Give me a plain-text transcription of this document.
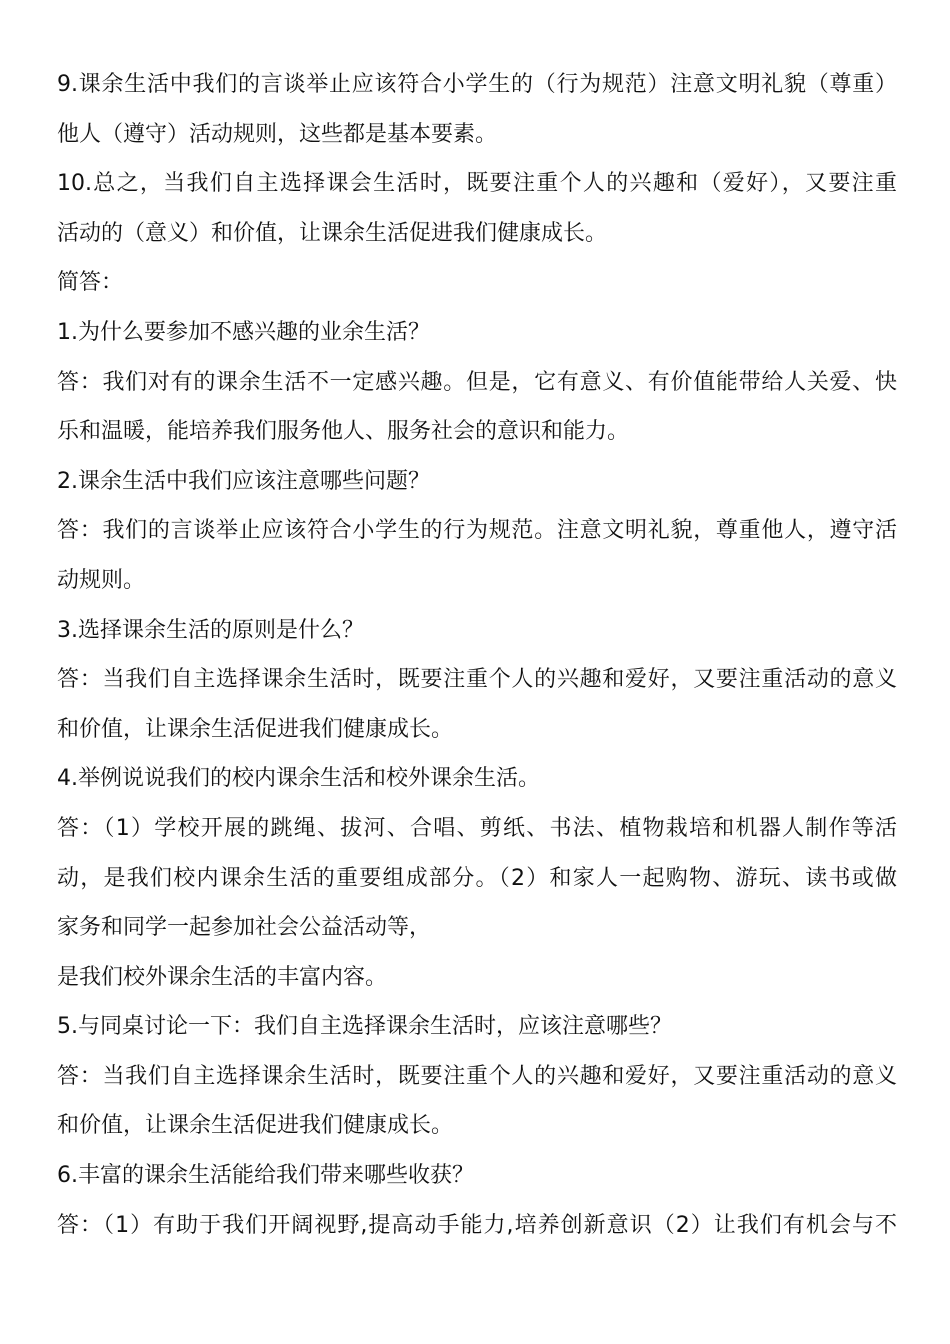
9.课余生活中我们的言谈举止应该符合小学生的（行为规范）注意文明礼貌（尊重）
他人（遵守）活动规则，这些都是基本要素。
10.总之，当我们自主选择课会生活时，既要注重个人的兴趣和（爱好），又要注重
活动的（意义）和价值，让课余生活促进我们健康成长。
简答：
1.为什么要参加不感兴趣的业余生活？
答：我们对有的课余生活不一定感兴趣。但是，它有意义、有价值能带给人关爱、快
乐和温暖，能培养我们服务他人、服务社会的意识和能力。
2.课余生活中我们应该注意哪些问题？
答：我们的言谈举止应该符合小学生的行为规范。注意文明礼貌，尊重他人，遵守活
动规则。
3.选择课余生活的原则是什么？
答：当我们自主选择课余生活时，既要注重个人的兴趣和爱好，又要注重活动的意义
和价值，让课余生活促进我们健康成长。
4.举例说说我们的校内课余生活和校外课余生活。
答：（1）学校开展的跳绳、拔河、合唱、剪纸、书法、植物栽培和机器人制作等活
动，是我们校内课余生活的重要组成部分。（2）和家人一起购物、游玩、读书或做
家务和同学一起参加社会公益活动等，
是我们校外课余生活的丰富内容。
5.与同桌讨论一下：我们自主选择课余生活时，应该注意哪些？
答：当我们自主选择课余生活时，既要注重个人的兴趣和爱好，又要注重活动的意义
和价值，让课余生活促进我们健康成长。
6.丰富的课余生活能给我们带来哪些收获？
答：（1）有助于我们开阔视野,提高动手能力,培养创新意识（2）让我们有机会与不
